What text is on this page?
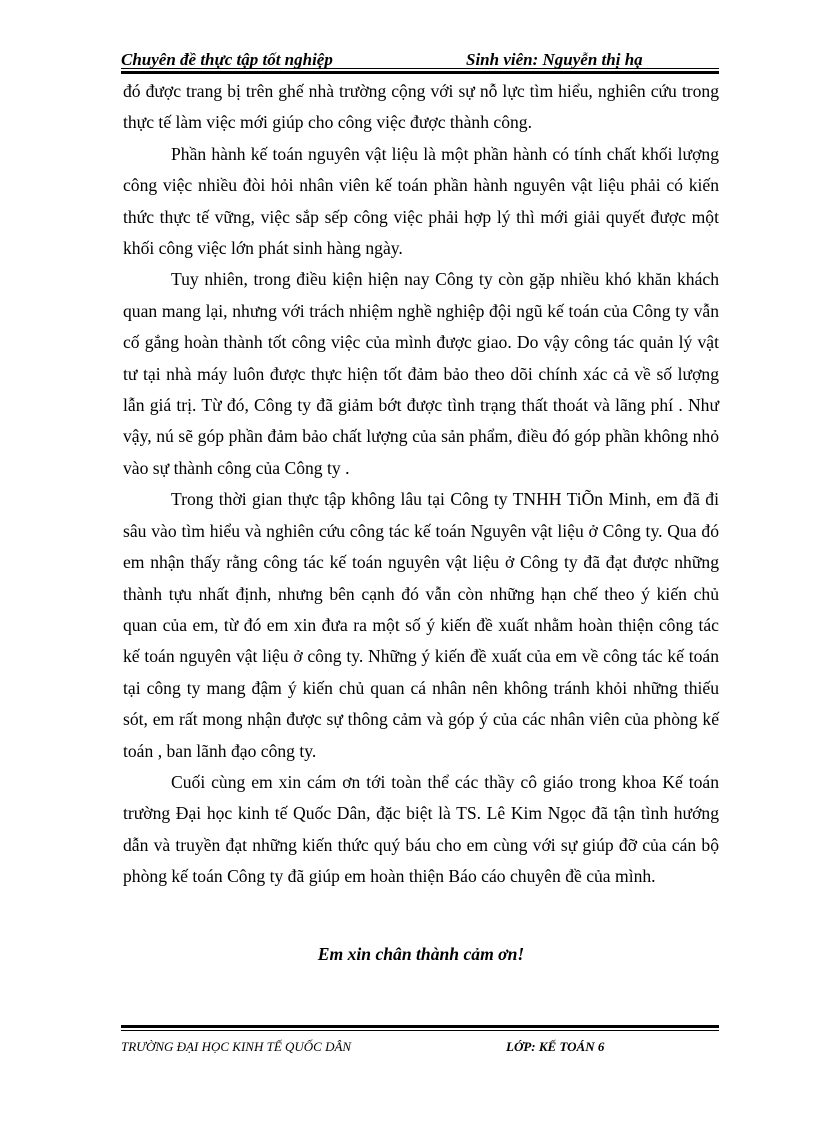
Chuyên đề thực tập tốt nghiệp	Sinh viên: Nguyễn thị hạ

đó được trang bị trên ghế nhà trường cộng với sự nỗ lực tìm hiểu, nghiên cứu trong thực tế làm việc mới giúp cho công việc được thành công.

Phần hành kế toán nguyên vật liệu là một phần hành có tính chất khối lượng công việc nhiều đòi hỏi nhân viên kế toán phần hành nguyên vật liệu phải có kiến thức thực tế vững, việc sắp sếp công việc phải hợp lý thì mới giải quyết được một khối công việc lớn phát sinh hàng ngày.

Tuy nhiên, trong điều kiện hiện nay Công ty còn gặp nhiều khó khăn khách quan mang lại, nhưng với trách nhiệm nghề nghiệp đội ngũ kế toán của Công ty vẫn cố gắng hoàn thành tốt công việc của mình được giao. Do vậy công tác quản lý vật tư tại nhà máy luôn được thực hiện tốt đảm bảo theo dõi chính xác cả về số lượng lẫn giá trị. Từ đó, Công ty đã giảm bớt được tình trạng thất thoát và lãng phí . Như vậy, nú sẽ góp phần đảm bảo chất lượng của sản phẩm, điều đó góp phần không nhỏ vào sự thành công của Công ty .

Trong thời gian thực tập không lâu tại Công ty TNHH TiÕn Minh, em đã đi sâu vào tìm hiểu và nghiên cứu công tác kế toán Nguyên vật liệu ở Công ty. Qua đó em nhận thấy rằng công tác kế toán nguyên vật liệu ở Công ty đã đạt được những thành tựu nhất định, nhưng bên cạnh đó vẫn còn những hạn chế theo ý kiến chủ quan của em, từ đó em xin đưa ra một số ý kiến đề xuất nhằm hoàn thiện công tác kế toán nguyên vật liệu ở công ty. Những ý kiến đề xuất của em về công tác kế toán tại công ty mang đậm ý kiến chủ quan cá nhân nên không tránh khỏi những thiếu sót, em rất mong nhận được sự thông cảm và góp ý của các nhân viên của phòng kế toán , ban lãnh đạo công ty.

Cuối cùng em xin cám ơn tới toàn thể các thầy cô giáo trong khoa Kế toán trường Đại học kinh tế Quốc Dân, đặc biệt là TS. Lê Kim Ngọc đã tận tình hướng dẫn và truyền đạt những kiến thức quý báu cho em cùng với sự giúp đỡ của cán bộ phòng kế toán Công ty đã giúp em hoàn thiện Báo cáo chuyên đề của mình.

Em xin chân thành cảm ơn!
TRƯỜNG ĐẠI HỌC KINH TẾ QUỐC DÂN	LỚP: KẾ TOÁN 6
